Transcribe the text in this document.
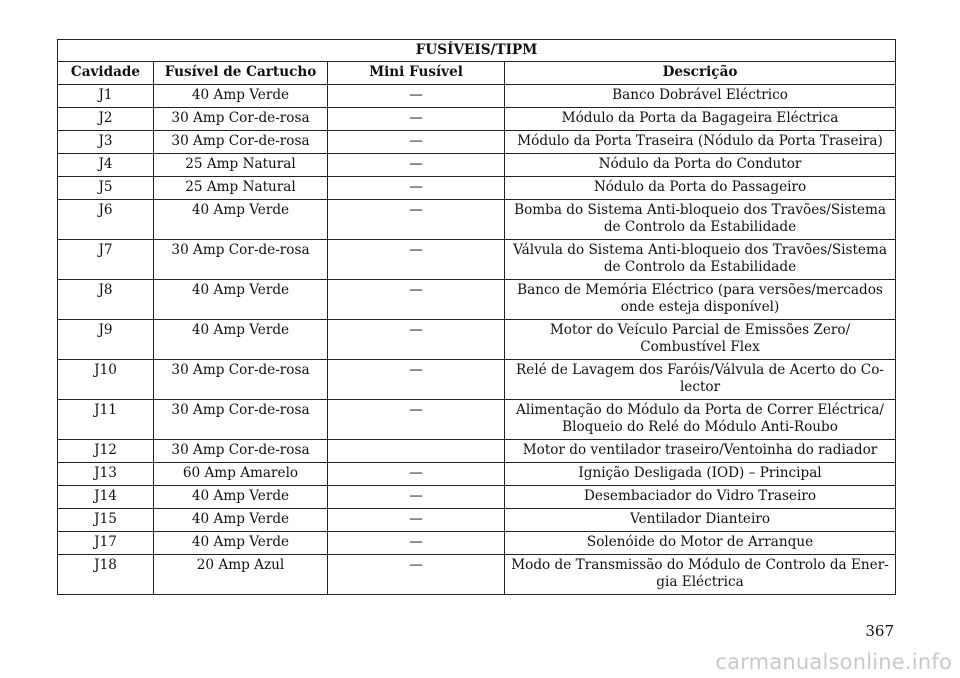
FUSÍVEIS/TIPM			
Cavidade	Fusível de Cartucho	Mini Fusível	Descrição
J1	40 Amp Verde	—	Banco Dobrável Eléctrico
J2	30 Amp Cor-de-rosa	—	Módulo da Porta da Bagageira Eléctrica
J3	30 Amp Cor-de-rosa	—	Módulo da Porta Traseira (Nódulo da Porta Traseira)
J4	25 Amp Natural	—	Nódulo da Porta do Condutor
J5	25 Amp Natural	—	Nódulo da Porta do Passageiro
J6	40 Amp Verde	—	Bomba do Sistema Anti-bloqueio dos Travões/Sistema de Controlo da Estabilidade
J7	30 Amp Cor-de-rosa	—	Válvula do Sistema Anti-bloqueio dos Travões/Sistema de Controlo da Estabilidade
J8	40 Amp Verde	—	Banco de Memória Eléctrico (para versões/mercados onde esteja disponível)
J9	40 Amp Verde	—	Motor do Veículo Parcial de Emissões Zero/ Combustível Flex
J10	30 Amp Cor-de-rosa	—	Relé de Lavagem dos Faróis/Válvula de Acerto do Co- lector
J11	30 Amp Cor-de-rosa	—	Alimentação do Módulo da Porta de Correr Eléctrica/ Bloqueio do Relé do Módulo Anti-Roubo
J12	30 Amp Cor-de-rosa		Motor do ventilador traseiro/Ventoinha do radiador
J13	60 Amp Amarelo	—	Ignição Desligada (IOD) – Principal
J14	40 Amp Verde	—	Desembaciador do Vidro Traseiro
J15	40 Amp Verde	—	Ventilador Dianteiro
J17	40 Amp Verde	—	Solenóide do Motor de Arranque
J18	20 Amp Azul	—	Modo de Transmissão do Módulo de Controlo da Ener- gia Eléctrica
367
carmanualsonline.info
